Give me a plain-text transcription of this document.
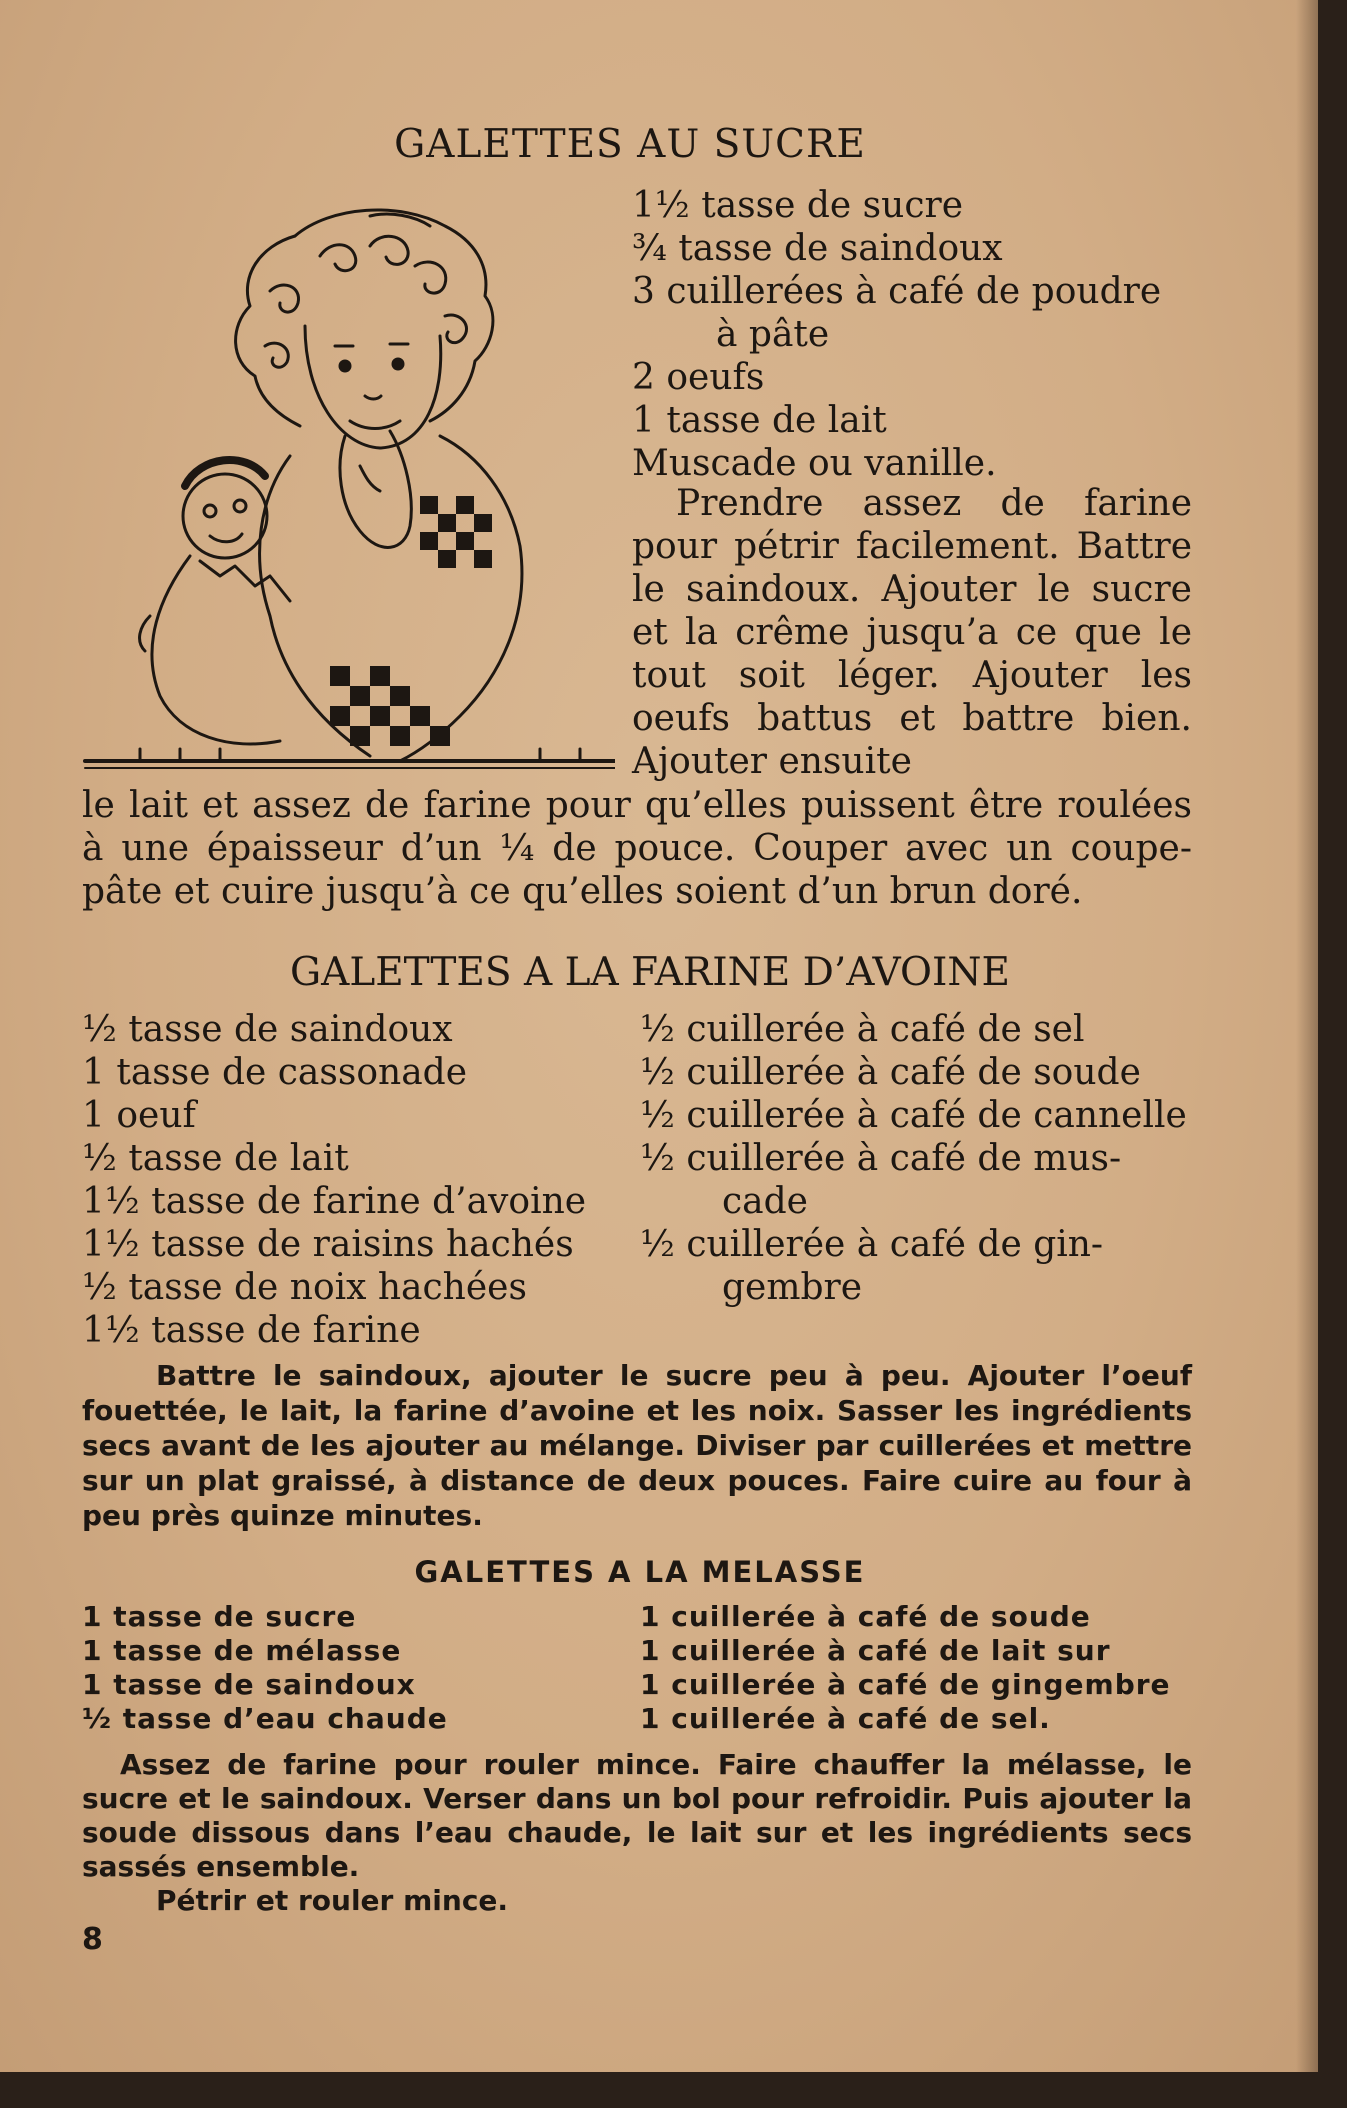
GALETTES AU SUCRE
1½ tasse de sucre
¾ tasse de saindoux
3 cuillerées à café de poudre
à pâte
2 oeufs
1 tasse de lait
Muscade ou vanille.
Prendre assez de farine pour pétrir facilement. Battre le saindoux. Ajouter le sucre et la crême jusqu’a ce que le tout soit léger. Ajouter les oeufs battus et battre bien. Ajouter ensuite
le lait et assez de farine pour qu’elles puissent être roulées à une épaisseur d’un ¼ de pouce. Couper avec un coupe-pâte et cuire jusqu’à ce qu’elles soient d’un brun doré.
GALETTES A LA FARINE D’AVOINE
½ tasse de saindoux
1 tasse de cassonade
1 oeuf
½ tasse de lait
1½ tasse de farine d’avoine
1½ tasse de raisins hachés
½ tasse de noix hachées
1½ tasse de farine
½ cuillerée à café de sel
½ cuillerée à café de soude
½ cuillerée à café de cannelle
½ cuillerée à café de mus-
cade
½ cuillerée à café de gin-
gembre
Battre le saindoux, ajouter le sucre peu à peu. Ajouter l’oeuf fouettée, le lait, la farine d’avoine et les noix. Sasser les ingrédients secs avant de les ajouter au mélange. Diviser par cuillerées et mettre sur un plat graissé, à distance de deux pouces. Faire cuire au four à peu près quinze minutes.
GALETTES A LA MELASSE
1 tasse de sucre
1 tasse de mélasse
1 tasse de saindoux
½ tasse d’eau chaude
1 cuillerée à café de soude
1 cuillerée à café de lait sur
1 cuillerée à café de gingembre
1 cuillerée à café de sel.
Assez de farine pour rouler mince. Faire chauffer la mélasse, le sucre et le saindoux. Verser dans un bol pour refroidir. Puis ajouter la soude dissous dans l’eau chaude, le lait sur et les ingrédients secs sassés ensemble.
Pétrir et rouler mince.
8
